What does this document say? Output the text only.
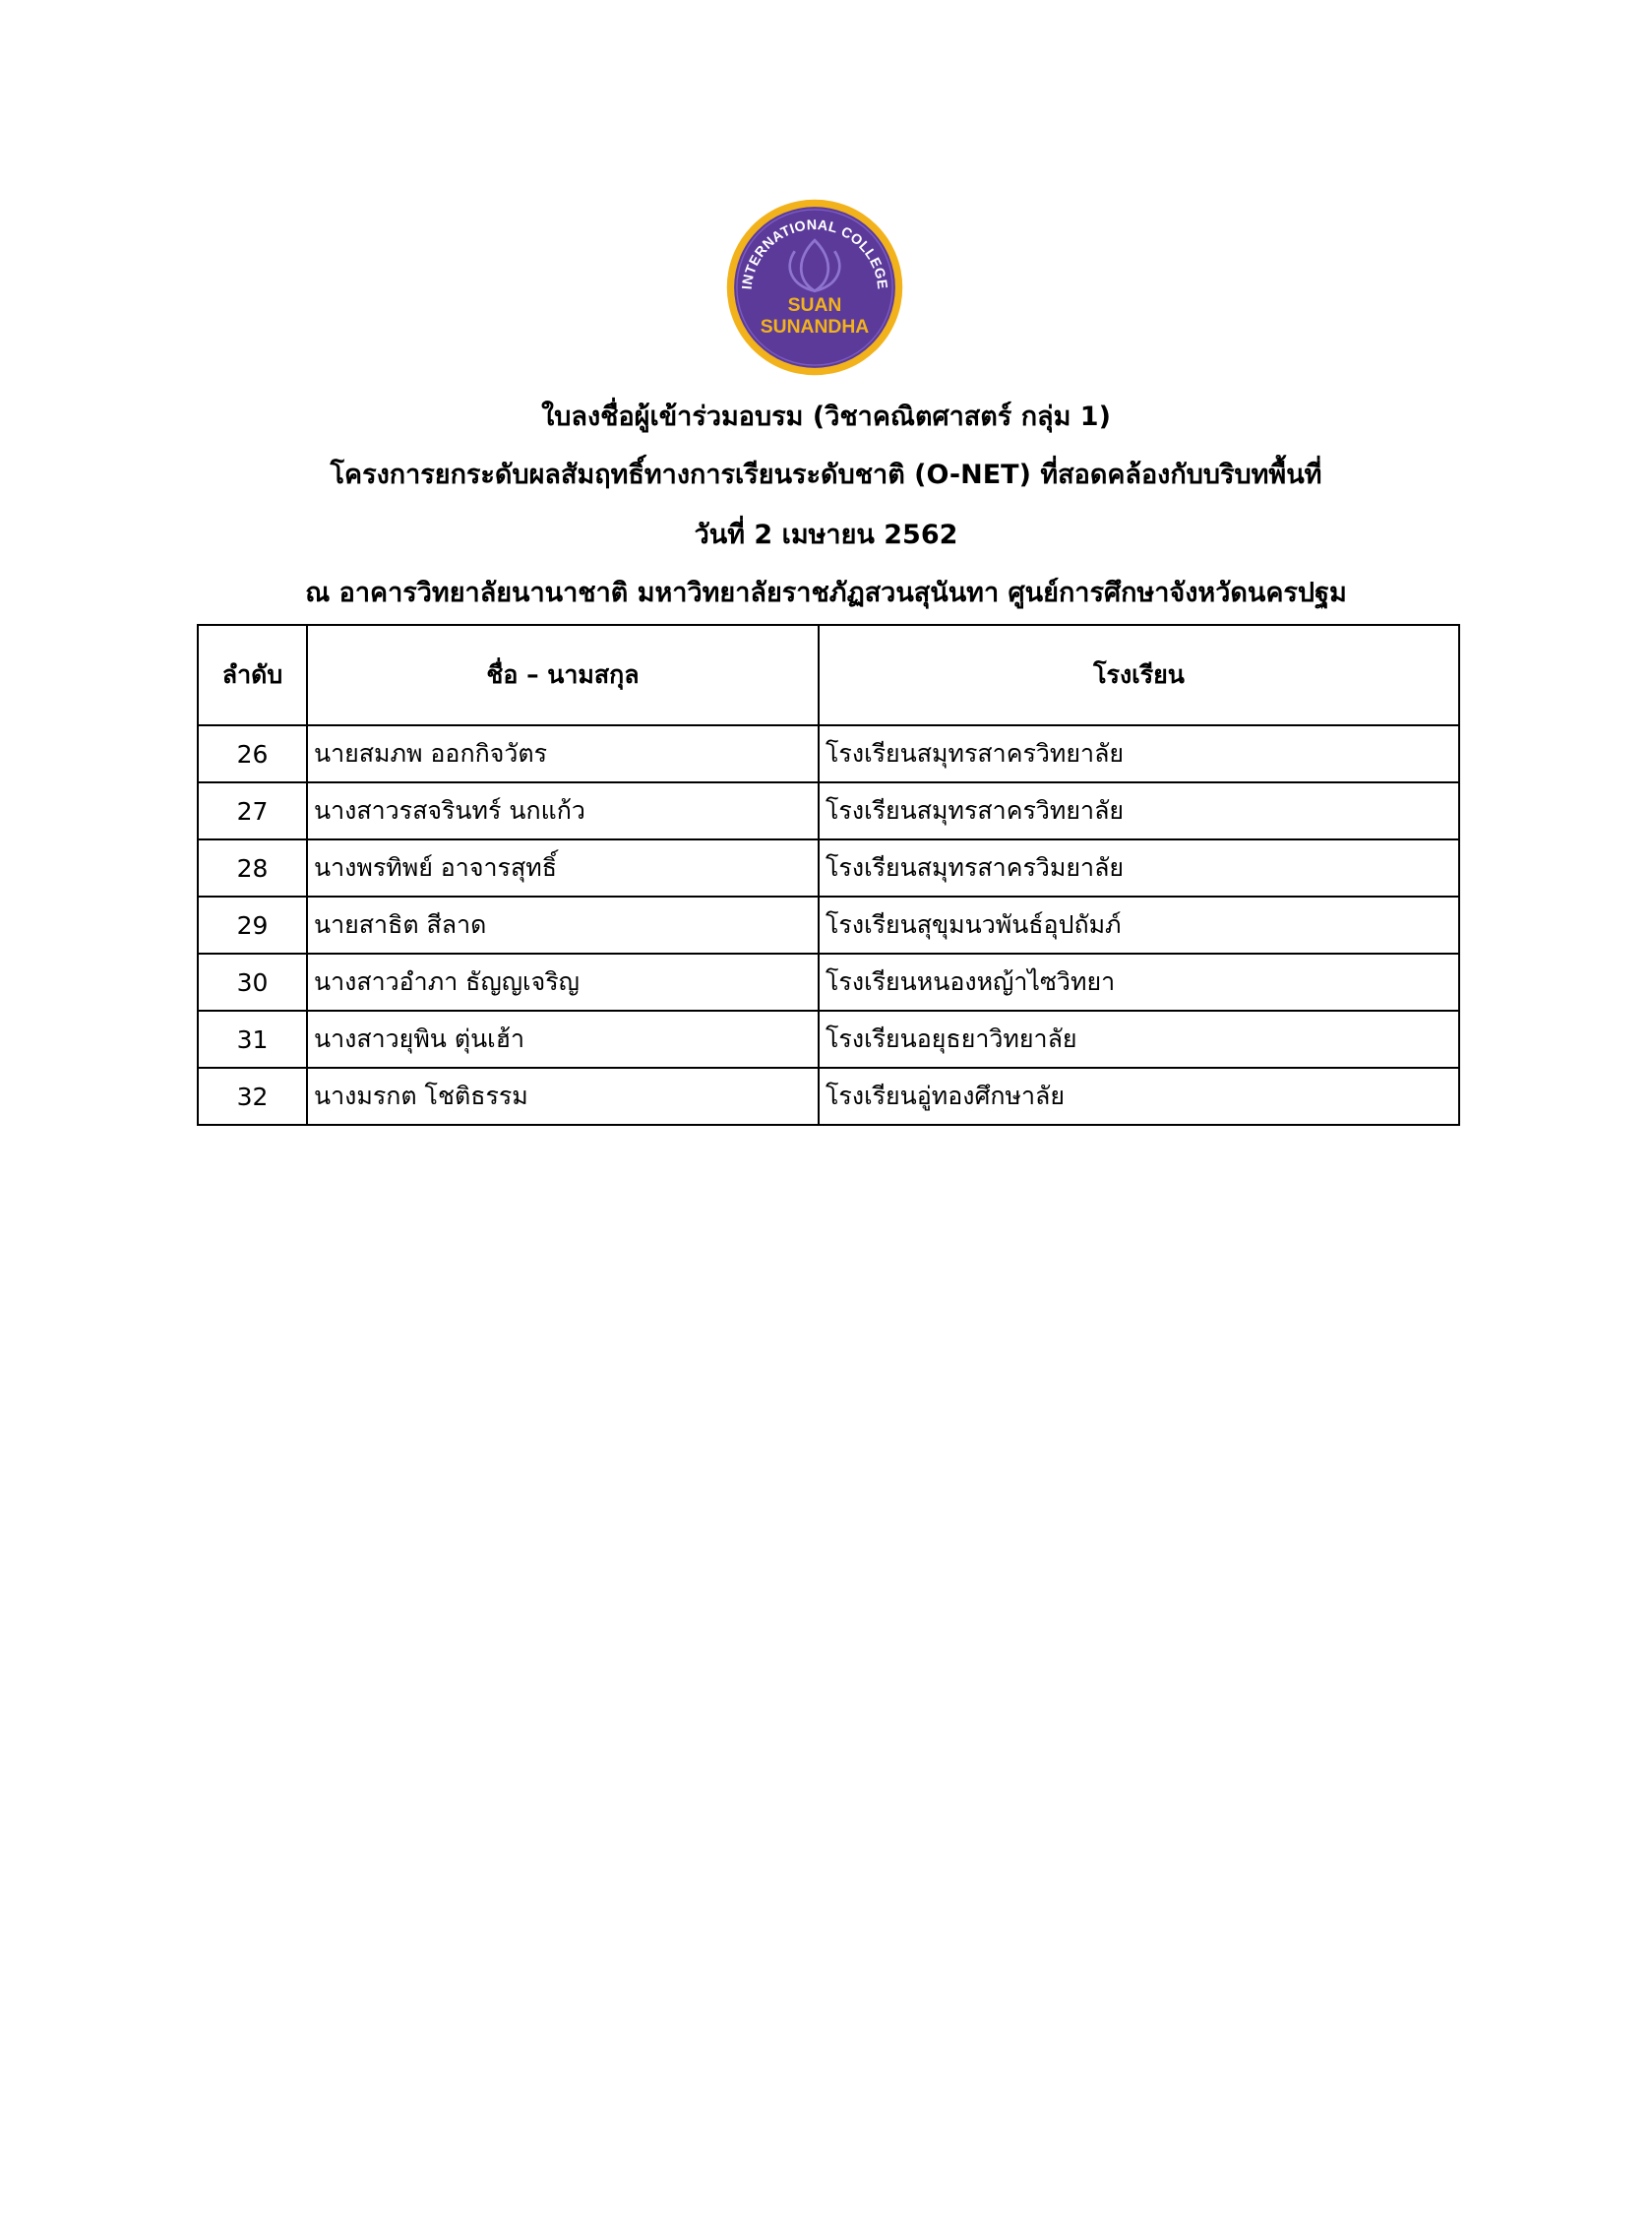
INTERNATIONAL COLLEGE
SUAN
SUNANDHA
ใบลงชื่อผู้เข้าร่วมอบรม (วิชาคณิตศาสตร์ กลุ่ม 1)
โครงการยกระดับผลสัมฤทธิ์ทางการเรียนระดับชาติ (O-NET) ที่สอดคล้องกับบริบทพื้นที่
วันที่ 2 เมษายน 2562
ณ อาคารวิทยาลัยนานาชาติ มหาวิทยาลัยราชภัฏสวนสุนันทา ศูนย์การศึกษาจังหวัดนครปฐม
ลำดับ	ชื่อ – นามสกุล	โรงเรียน
26	นายสมภพ ออกกิจวัตร	โรงเรียนสมุทรสาครวิทยาลัย
27	นางสาวรสจรินทร์ นกแก้ว	โรงเรียนสมุทรสาครวิทยาลัย
28	นางพรทิพย์ อาจารสุทธิ์	โรงเรียนสมุทรสาครวิมยาลัย
29	นายสาธิต สีลาด	โรงเรียนสุขุมนวพันธ์อุปถัมภ์
30	นางสาวอำภา ธัญญเจริญ	โรงเรียนหนองหญ้าไซวิทยา
31	นางสาวยุพิน ตุ่นเฮ้า	โรงเรียนอยุธยาวิทยาลัย
32	นางมรกต โชติธรรม	โรงเรียนอู่ทองศึกษาลัย
